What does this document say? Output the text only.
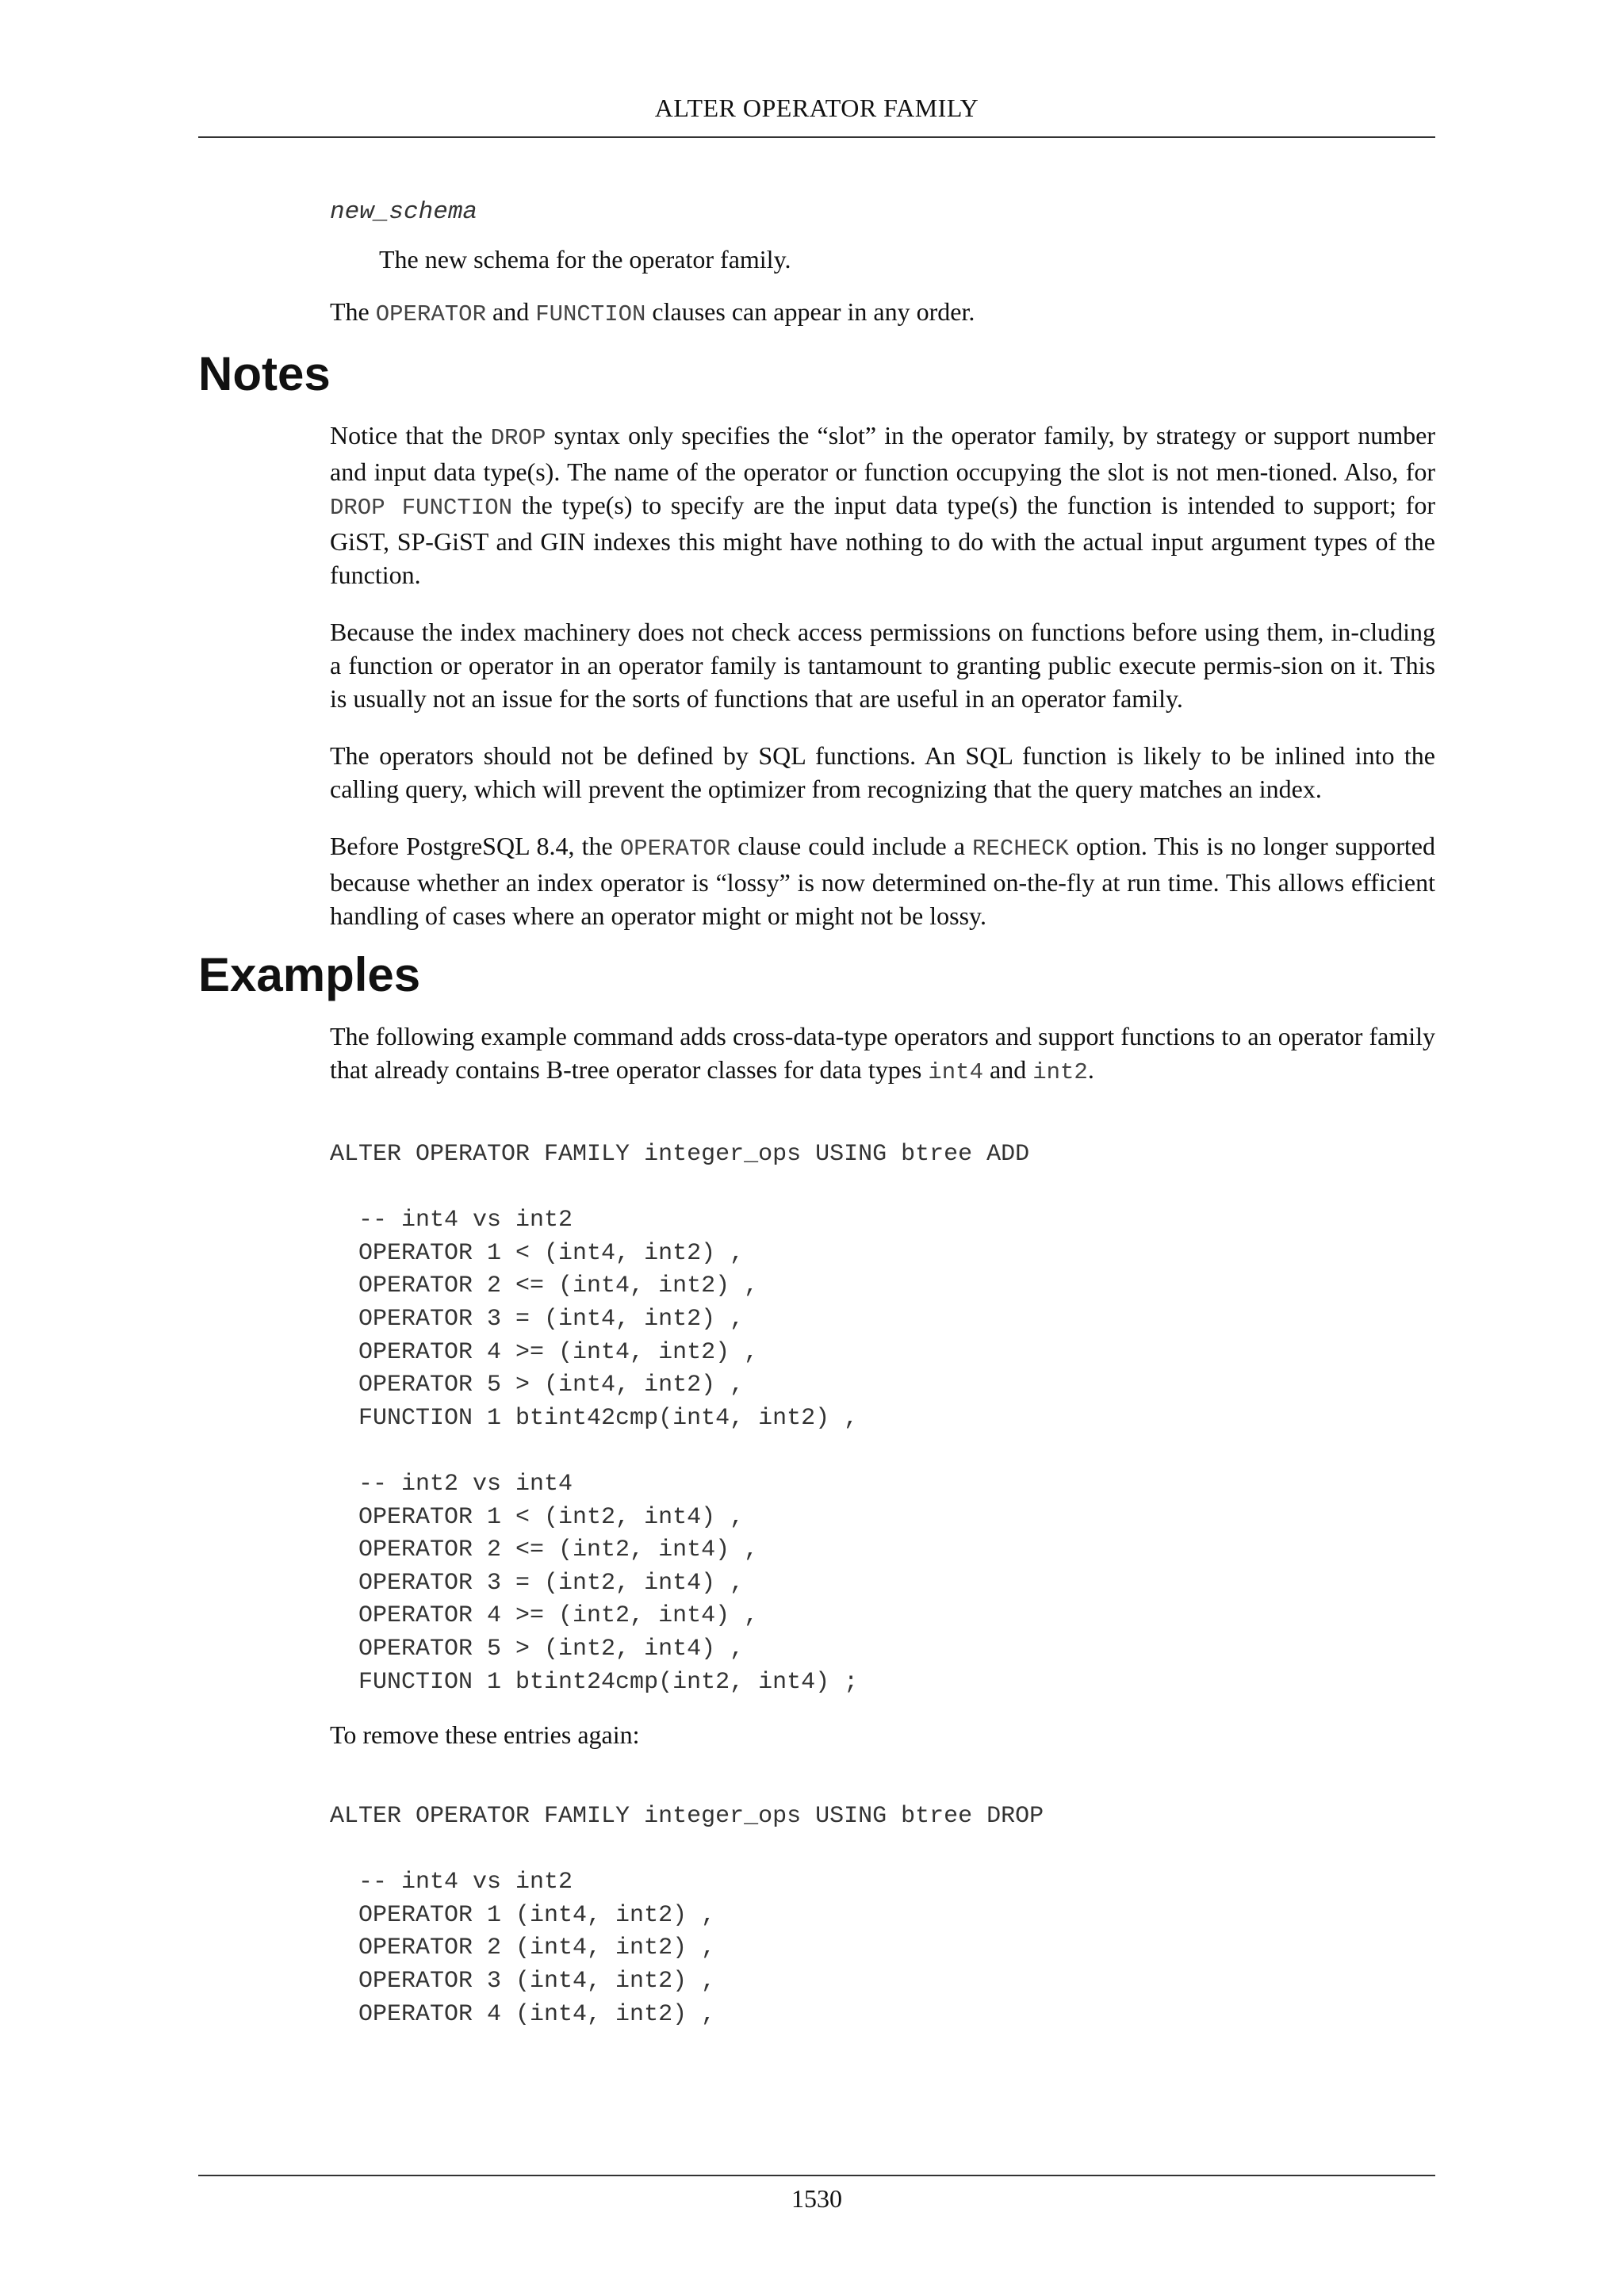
ALTER OPERATOR FAMILY
new_schema
The new schema for the operator family.

The OPERATOR and FUNCTION clauses can appear in any order.

Notes

Notice that the DROP syntax only specifies the “slot” in the operator family, by strategy or support number and input data type(s). The name of the operator or function occupying the slot is not men-tioned. Also, for DROP FUNCTION the type(s) to specify are the input data type(s) the function is intended to support; for GiST, SP-GiST and GIN indexes this might have nothing to do with the actual input argument types of the function.

Because the index machinery does not check access permissions on functions before using them, in-cluding a function or operator in an operator family is tantamount to granting public execute permis-sion on it. This is usually not an issue for the sorts of functions that are useful in an operator family.

The operators should not be defined by SQL functions. An SQL function is likely to be inlined into the calling query, which will prevent the optimizer from recognizing that the query matches an index.

Before PostgreSQL 8.4, the OPERATOR clause could include a RECHECK option. This is no longer supported because whether an index operator is “lossy” is now determined on-the-fly at run time. This allows efficient handling of cases where an operator might or might not be lossy.

Examples

The following example command adds cross-data-type operators and support functions to an operator family that already contains B-tree operator classes for data types int4 and int2.

ALTER OPERATOR FAMILY integer_ops USING btree ADD

-- int4 vs int2
OPERATOR 1 < (int4, int2) ,
OPERATOR 2 <= (int4, int2) ,
OPERATOR 3 = (int4, int2) ,
OPERATOR 4 >= (int4, int2) ,
OPERATOR 5 > (int4, int2) ,
FUNCTION 1 btint42cmp(int4, int2) ,

-- int2 vs int4
OPERATOR 1 < (int2, int4) ,
OPERATOR 2 <= (int2, int4) ,
OPERATOR 3 = (int2, int4) ,
OPERATOR 4 >= (int2, int4) ,
OPERATOR 5 > (int2, int4) ,
FUNCTION 1 btint24cmp(int2, int4) ;

To remove these entries again:

ALTER OPERATOR FAMILY integer_ops USING btree DROP

-- int4 vs int2
OPERATOR 1 (int4, int2) ,
OPERATOR 2 (int4, int2) ,
OPERATOR 3 (int4, int2) ,
OPERATOR 4 (int4, int2) ,
1530
